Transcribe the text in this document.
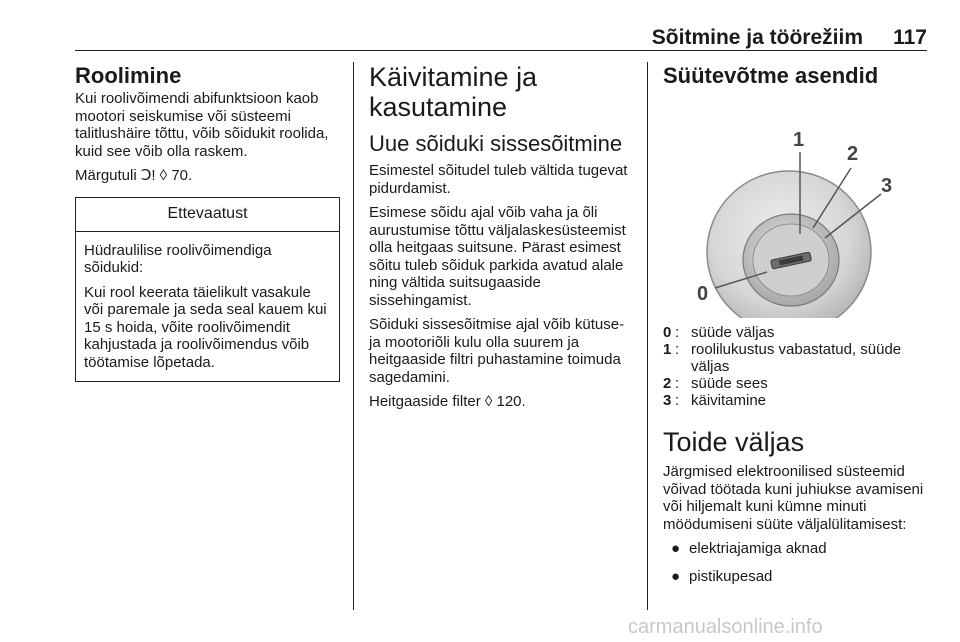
Sõitmine ja töörežiim 117
Roolimine

Kui roolivõimendi abifunktsioon kaob mootori seiskumise või süsteemi talitlushäire tõttu, võib sõidukit roolida, kuid see võib olla raskem.

Märgutuli Ↄ! ◊ 70.

Ettevaatust

Hüdraulilise roolivõimendiga sõidukid:

Kui rool keerata täielikult vasakule või paremale ja seda seal kauem kui 15 s hoida, võite roolivõimendit kahjustada ja roolivõimendus võib töötamise lõpetada.

Käivitamine ja kasutamine
Uue sõiduki sissesõitmine

Esimestel sõitudel tuleb vältida tugevat pidurdamist.

Esimese sõidu ajal võib vaha ja õli aurustumise tõttu väljalaskesüsteemist olla heitgaas suitsune. Pärast esimest sõitu tuleb sõiduk parkida avatud alale ning vältida suitsugaaside sissehingamist.

Sõiduki sissesõitmise ajal võib kütuse- ja mootoriõli kulu olla suurem ja heitgaaside filtri puhastamine toimuda sagedamini.

Heitgaaside filter ◊ 120.

Süütevõtme asendid
0
1
2
3
0 : süüde väljas
1 : roolilukustus vabastatud, süüde väljas
2 : süüde sees
3 : käivitamine
Toide väljas

Järgmised elektroonilised süsteemid võivad töötada kuni juhiukse avamiseni või hiljemalt kuni kümne minuti möödumiseni süüte väljalülitamisest:

● elektriajamiga aknad
● pistikupesad
carmanualsonline.info
